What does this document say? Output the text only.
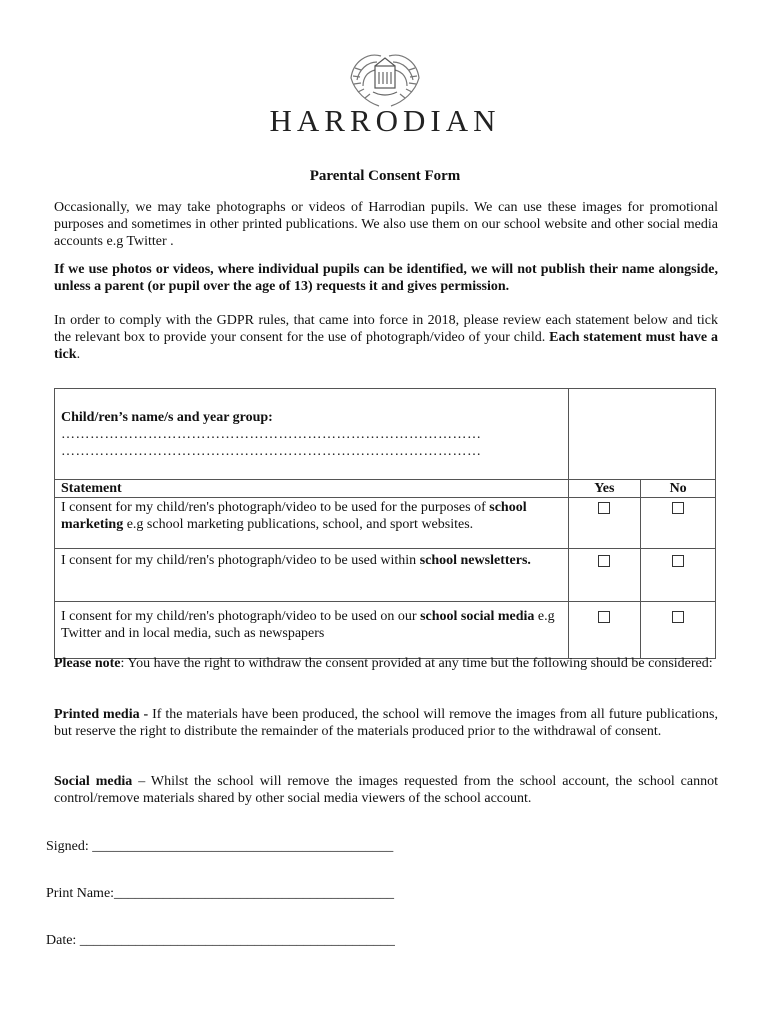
HARRODIAN
Parental Consent Form

Occasionally, we may take photographs or videos of Harrodian pupils. We can use these images for promotional purposes and sometimes in other printed publications. We also use them on our school website and other social media accounts e.g Twitter .

If we use photos or videos, where individual pupils can be identified, we will not publish their name alongside, unless a parent (or pupil over the age of 13) requests it and gives permission.

In order to comply with the GDPR rules, that came into force in 2018, please review each statement below and tick the relevant box to provide your consent for the use of photograph/video of your child. Each statement must have a tick.

Child/ren’s name/s and year group:
……………………………………………………………………………
……………………………………………………………………………		

Statement	Yes	No
I consent for my child/ren's photograph/video to be used for the purposes of school marketing e.g school marketing publications, school, and sport websites.		
I consent for my child/ren's photograph/video to be used within school newsletters.		
I consent for my child/ren's photograph/video to be used on our school social media e.g Twitter and in local media, such as newspapers		

Please note: You have the right to withdraw the consent provided at any time but the following should be considered:

Printed media - If the materials have been produced, the school will remove the images from all future publications, but reserve the right to distribute the remainder of the materials produced prior to the withdrawal of consent.

Social media – Whilst the school will remove the images requested from the school account, the school cannot control/remove materials shared by other social media viewers of the school account.

Signed: ___________________________________________
Print Name:________________________________________
Date: _____________________________________________
